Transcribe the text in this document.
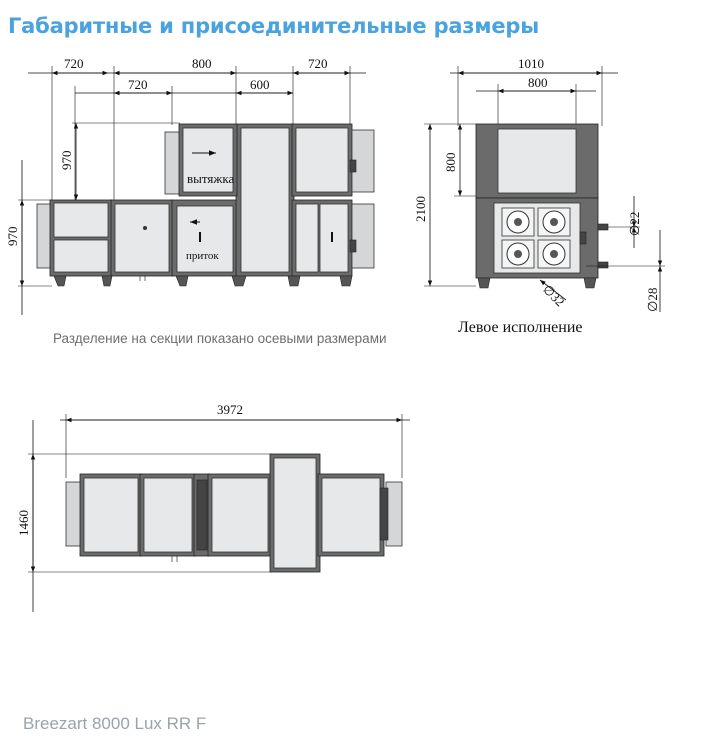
Габаритные и присоединительные размеры
720	800	720
720	600
970
970
приток
вытяжка
1010
800
2100
800
∅22
∅28
∅32
3972
1460
Разделение на секции показано осевыми размерами
Левое исполнение
Breezart 8000 Lux RR F
